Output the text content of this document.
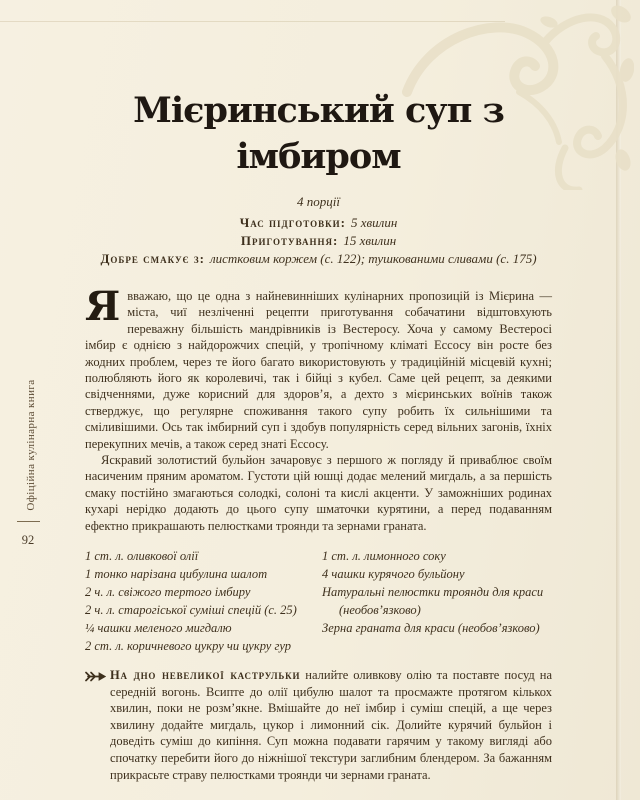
Офіційна кулінарна книга
92
Мієринський суп з імбиром
4 порції
Час підготовки: 5 хвилин
Приготування: 15 хвилин
Добре смакує з: листковим коржем (с. 122); тушкованими сливами (с. 175)

Явважаю, що це одна з найневинніших кулінарних пропозицій із Мієрина — міста, чиї незліченні рецепти приготування собачатини відштовхують переважну більшість мандрівників із Вестеросу. Хоча у самому Вестеросі імбир є однією з найдорожчих спецій, у тропічному кліматі Ессосу він росте без жодних проблем, через те його багато використовують у традиційній місцевій кухні; полюбляють його як королевичі, так і бійці з кубел. Саме цей рецепт, за деякими свідченнями, дуже корисний для здоров’я, а дехто з мієринських воїнів також стверджує, що регулярне споживання такого супу робить їх сильнішими та сміливішими. Ось так імбирний суп і здобув популярність серед вільних загонів, їхніх перекупних мечів, а також серед знаті Ессосу.

Яскравий золотистий бульйон зачаровує з першого ж погляду й приваблює своїм насиченим пряним ароматом. Густоти цій юшці додає мелений мигдаль, а за першість смаку постійно змагаються солодкі, солоні та кислі акценти. У заможніших родинах кухарі нерідко додають до цього супу шматочки курятини, а перед подаванням ефектно прикрашають пелюстками троянди та зернами граната.

1 ст. л. оливкової олії
1 тонко нарізана цибулина шалот
2 ч. л. свіжого тертого імбиру
2 ч. л. старогіської суміші спецій (с. 25)
¼ чашки меленого мигдалю
2 ст. л. коричневого цукру чи цукру гур
1 ст. л. лимонного соку
4 чашки курячого бульйону
Натуральні пелюстки троянди для краси (необов’язково)
Зерна граната для краси (необов’язково)
На дно невеликої каструльки налийте оливкову олію та поставте посуд на середній вогонь. Всипте до олії цибулю шалот та просмажте протягом кількох хвилин, поки не розм’якне. Вмішайте до неї імбир і суміш спецій, а ще через хвилину додайте мигдаль, цукор і лимонний сік. Долийте курячий бульйон і доведіть суміш до кипіння. Суп можна подавати гарячим у такому вигляді або спочатку перебити його до ніжнішої текстури заглибним блендером. За бажанням прикрасьте страву пелюстками троянди чи зернами граната.
